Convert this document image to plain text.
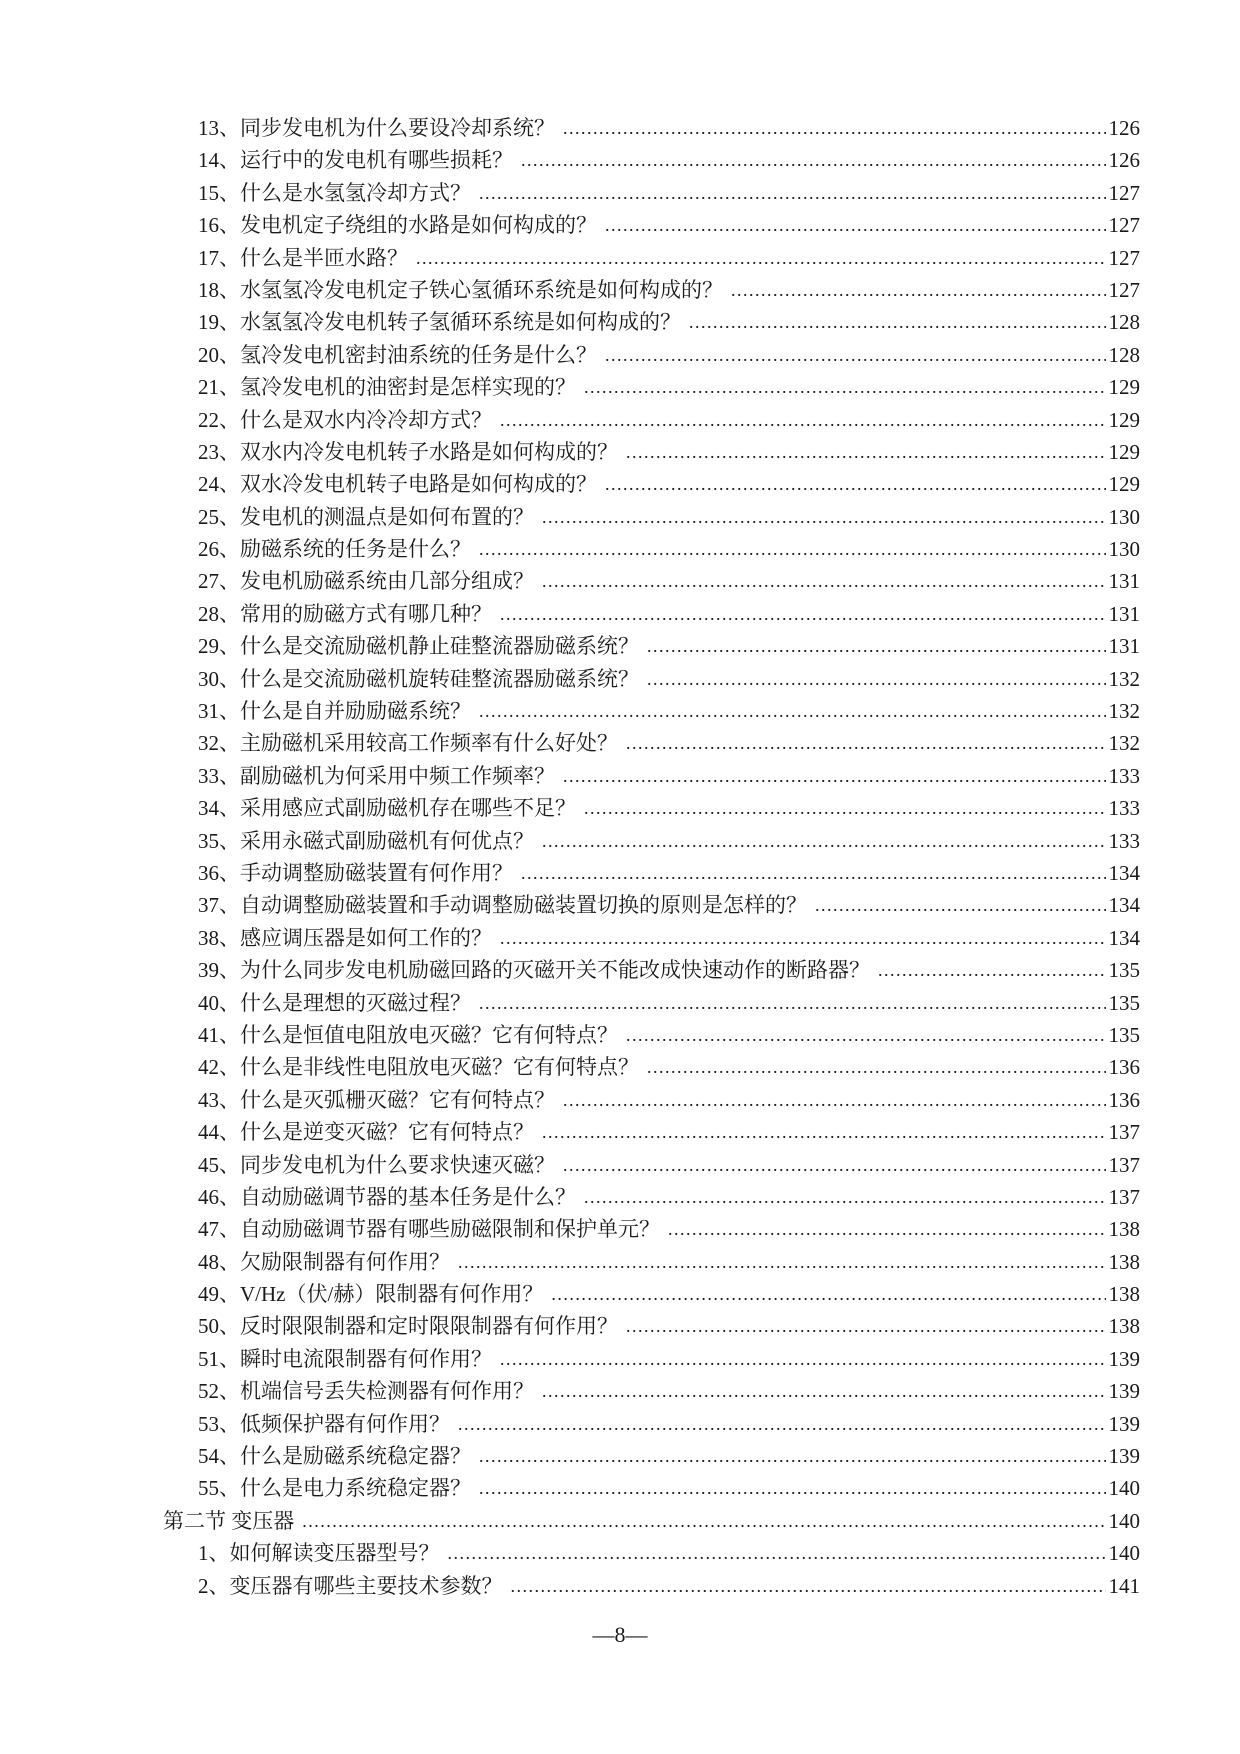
13、同步发电机为什么要设冷却系统？ .....	126
14、运行中的发电机有哪些损耗？ .....	126
15、什么是水氢氢冷却方式？ .....	127
16、发电机定子绕组的水路是如何构成的？ .....	127
17、什么是半匝水路？ .....	127
18、水氢氢冷发电机定子铁心氢循环系统是如何构成的？ .....	127
19、水氢氢冷发电机转子氢循环系统是如何构成的？ .....	128
20、氢冷发电机密封油系统的任务是什么？ .....	128
21、氢冷发电机的油密封是怎样实现的？ .....	129
22、什么是双水内冷冷却方式？ .....	129
23、双水内冷发电机转子水路是如何构成的？ .....	129
24、双水冷发电机转子电路是如何构成的？ .....	129
25、发电机的测温点是如何布置的？ .....	130
26、励磁系统的任务是什么？ .....	130
27、发电机励磁系统由几部分组成？ .....	131
28、常用的励磁方式有哪几种？ .....	131
29、什么是交流励磁机静止硅整流器励磁系统？ .....	131
30、什么是交流励磁机旋转硅整流器励磁系统？ .....	132
31、什么是自并励励磁系统？ .....	132
32、主励磁机采用较高工作频率有什么好处？ .....	132
33、副励磁机为何采用中频工作频率？ .....	133
34、采用感应式副励磁机存在哪些不足？ .....	133
35、采用永磁式副励磁机有何优点？ .....	133
36、手动调整励磁装置有何作用？ .....	134
37、自动调整励磁装置和手动调整励磁装置切换的原则是怎样的？ .....	134
38、感应调压器是如何工作的？ .....	134
39、为什么同步发电机励磁回路的灭磁开关不能改成快速动作的断路器？ .....	135
40、什么是理想的灭磁过程？ .....	135
41、什么是恒值电阻放电灭磁？它有何特点？ .....	135
42、什么是非线性电阻放电灭磁？它有何特点？ .....	136
43、什么是灭弧栅灭磁？它有何特点？ .....	136
44、什么是逆变灭磁？它有何特点？ .....	137
45、同步发电机为什么要求快速灭磁？ .....	137
46、自动励磁调节器的基本任务是什么？ .....	137
47、自动励磁调节器有哪些励磁限制和保护单元？ .....	138
48、欠励限制器有何作用？ .....	138
49、V/Hz（伏/赫）限制器有何作用？ .....	138
50、反时限限制器和定时限限制器有何作用？ .....	138
51、瞬时电流限制器有何作用？ .....	139
52、机端信号丢失检测器有何作用？ .....	139
53、低频保护器有何作用？ .....	139
54、什么是励磁系统稳定器？ .....	139
55、什么是电力系统稳定器？ .....	140
第二节 变压器 .....	140
1、如何解读变压器型号？ .....	140
2、变压器有哪些主要技术参数？ .....	141
—8—
